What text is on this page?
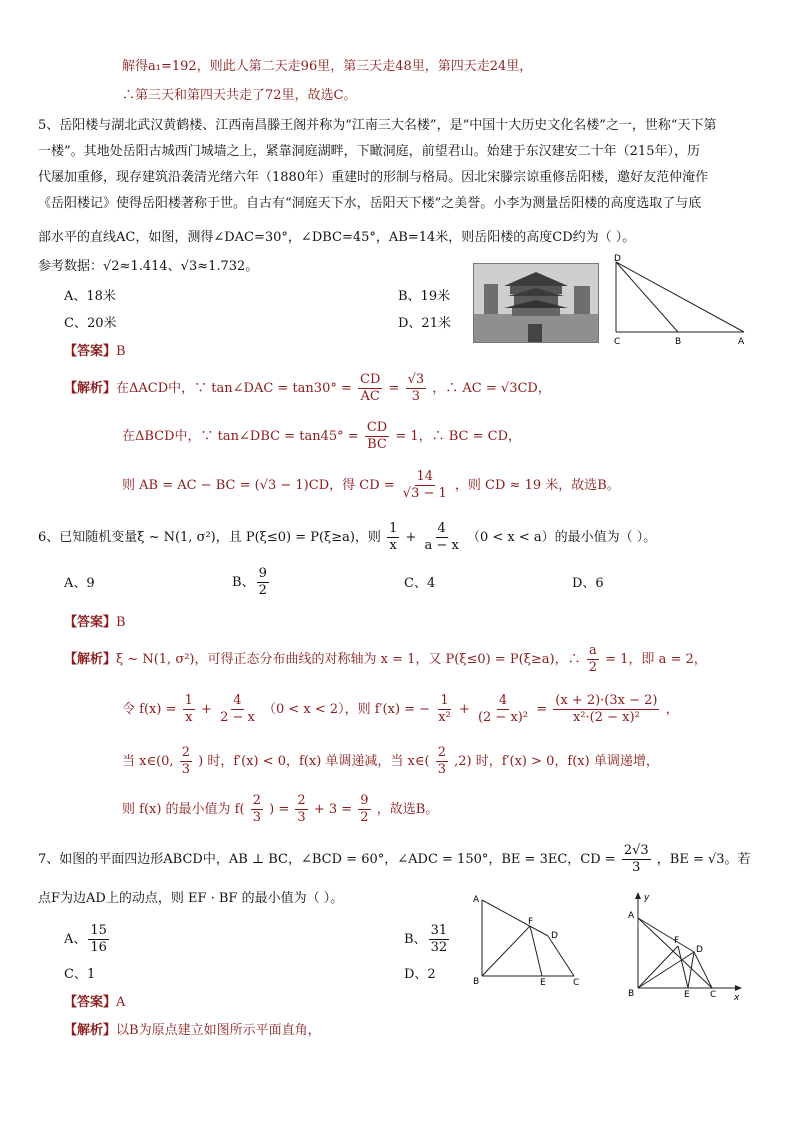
解得a₁=192，则此人第二天走96里，第三天走48里，第四天走24里，
∴第三天和第四天共走了72里，故选C。
5、岳阳楼与湖北武汉黄鹤楼、江西南昌滕王阁并称为“江南三大名楼”，是“中国十大历史文化名楼”之一，世称“天下第
一楼”。其地处岳阳古城西门城墙之上，紧靠洞庭湖畔，下瞰洞庭，前望君山。始建于东汉建安二十年（215年），历
代屡加重修，现存建筑沿袭清光绪六年（1880年）重建时的形制与格局。因北宋滕宗谅重修岳阳楼，邀好友范仲淹作
《岳阳楼记》使得岳阳楼著称于世。自古有“洞庭天下水，岳阳天下楼”之美誉。小李为测量岳阳楼的高度选取了与底
部水平的直线AC，如图，测得∠DAC=30°，∠DBC=45°，AB=14米，则岳阳楼的高度CD约为（ ）。
参考数据：√2≈1.414、√3≈1.732。
A、18米	B、19米
C、20米	D、21米
D
C	B	A
【答案】B
【解析】在ΔACD中，∵ tan∠DAC = $\tan 30^\circ = \frac{CD}{AC} = \frac{√3}{3}$ ，∴ AC = √3CD，
在ΔBCD中，∵ tan∠DBC = $\tan 45^\circ = \frac{CD}{BC} = 1$，∴ BC = CD，
则 AB = AC − BC = (√3 − 1)CD，得 CD = $\frac{14}{√3 - 1}$ ，则 CD ≈ 19 米，故选B。
6、已知随机变量ξ ~ N(1, σ²)，且 P(ξ≤0) = P(ξ≥a)，则 $\frac{1}{x} + \frac{4}{a - x} (0 < x < a)$的最小值为（ ）。
A、9	B、 $\frac{9}{2}$	C、4	D、6
【答案】B
【解析】ξ ~ N(1, σ²)，可得正态分布曲线的对称轴为 x = 1，又 P(ξ≤0) = P(ξ≥a)，∴ $\frac{a}{2} = 1$，即 a = 2，
令 $f(x) = \frac{1}{x} + \frac{4}{2 - x} (0 < x < 2)$，则 f′(x) = − $\frac{1}{\text{x²}} + \frac{4}{\text{(2 − x)²}} = \frac{(x + 2)\cdot(3x - 2)}{\text{x²·(2 − x)²}}$ ，
当 x∈(0, $\frac{2}{3}$ ) 时，f′(x) < 0，f(x) 单调递减，当 x∈( $\frac{2}{3} ,2$) 时，f′(x) > 0，f(x) 单调递增，
则 f(x) 的最小值为 $f( \frac{2}{3}$ ) = $\frac{2}{3} + 3 = \frac{9}{2}$ ，故选B。
7、如图的平面四边形ABCD中，AB ⊥ BC，∠BCD = 60°，∠ADC = 150°，BE = 3EC，CD = $\frac{2√3}{3}$ ，BE = √3。若
点F为边AD上的动点，则 EF · BF 的最小值为（ ）。
A、 $\frac{15}{16}$	B、 $\frac{31}{32}$
C、1	D、2
【答案】A
【解析】以B为原点建立如图所示平面直角，
A
F
D
B	E	C
A
y
F
D
B	E C x
